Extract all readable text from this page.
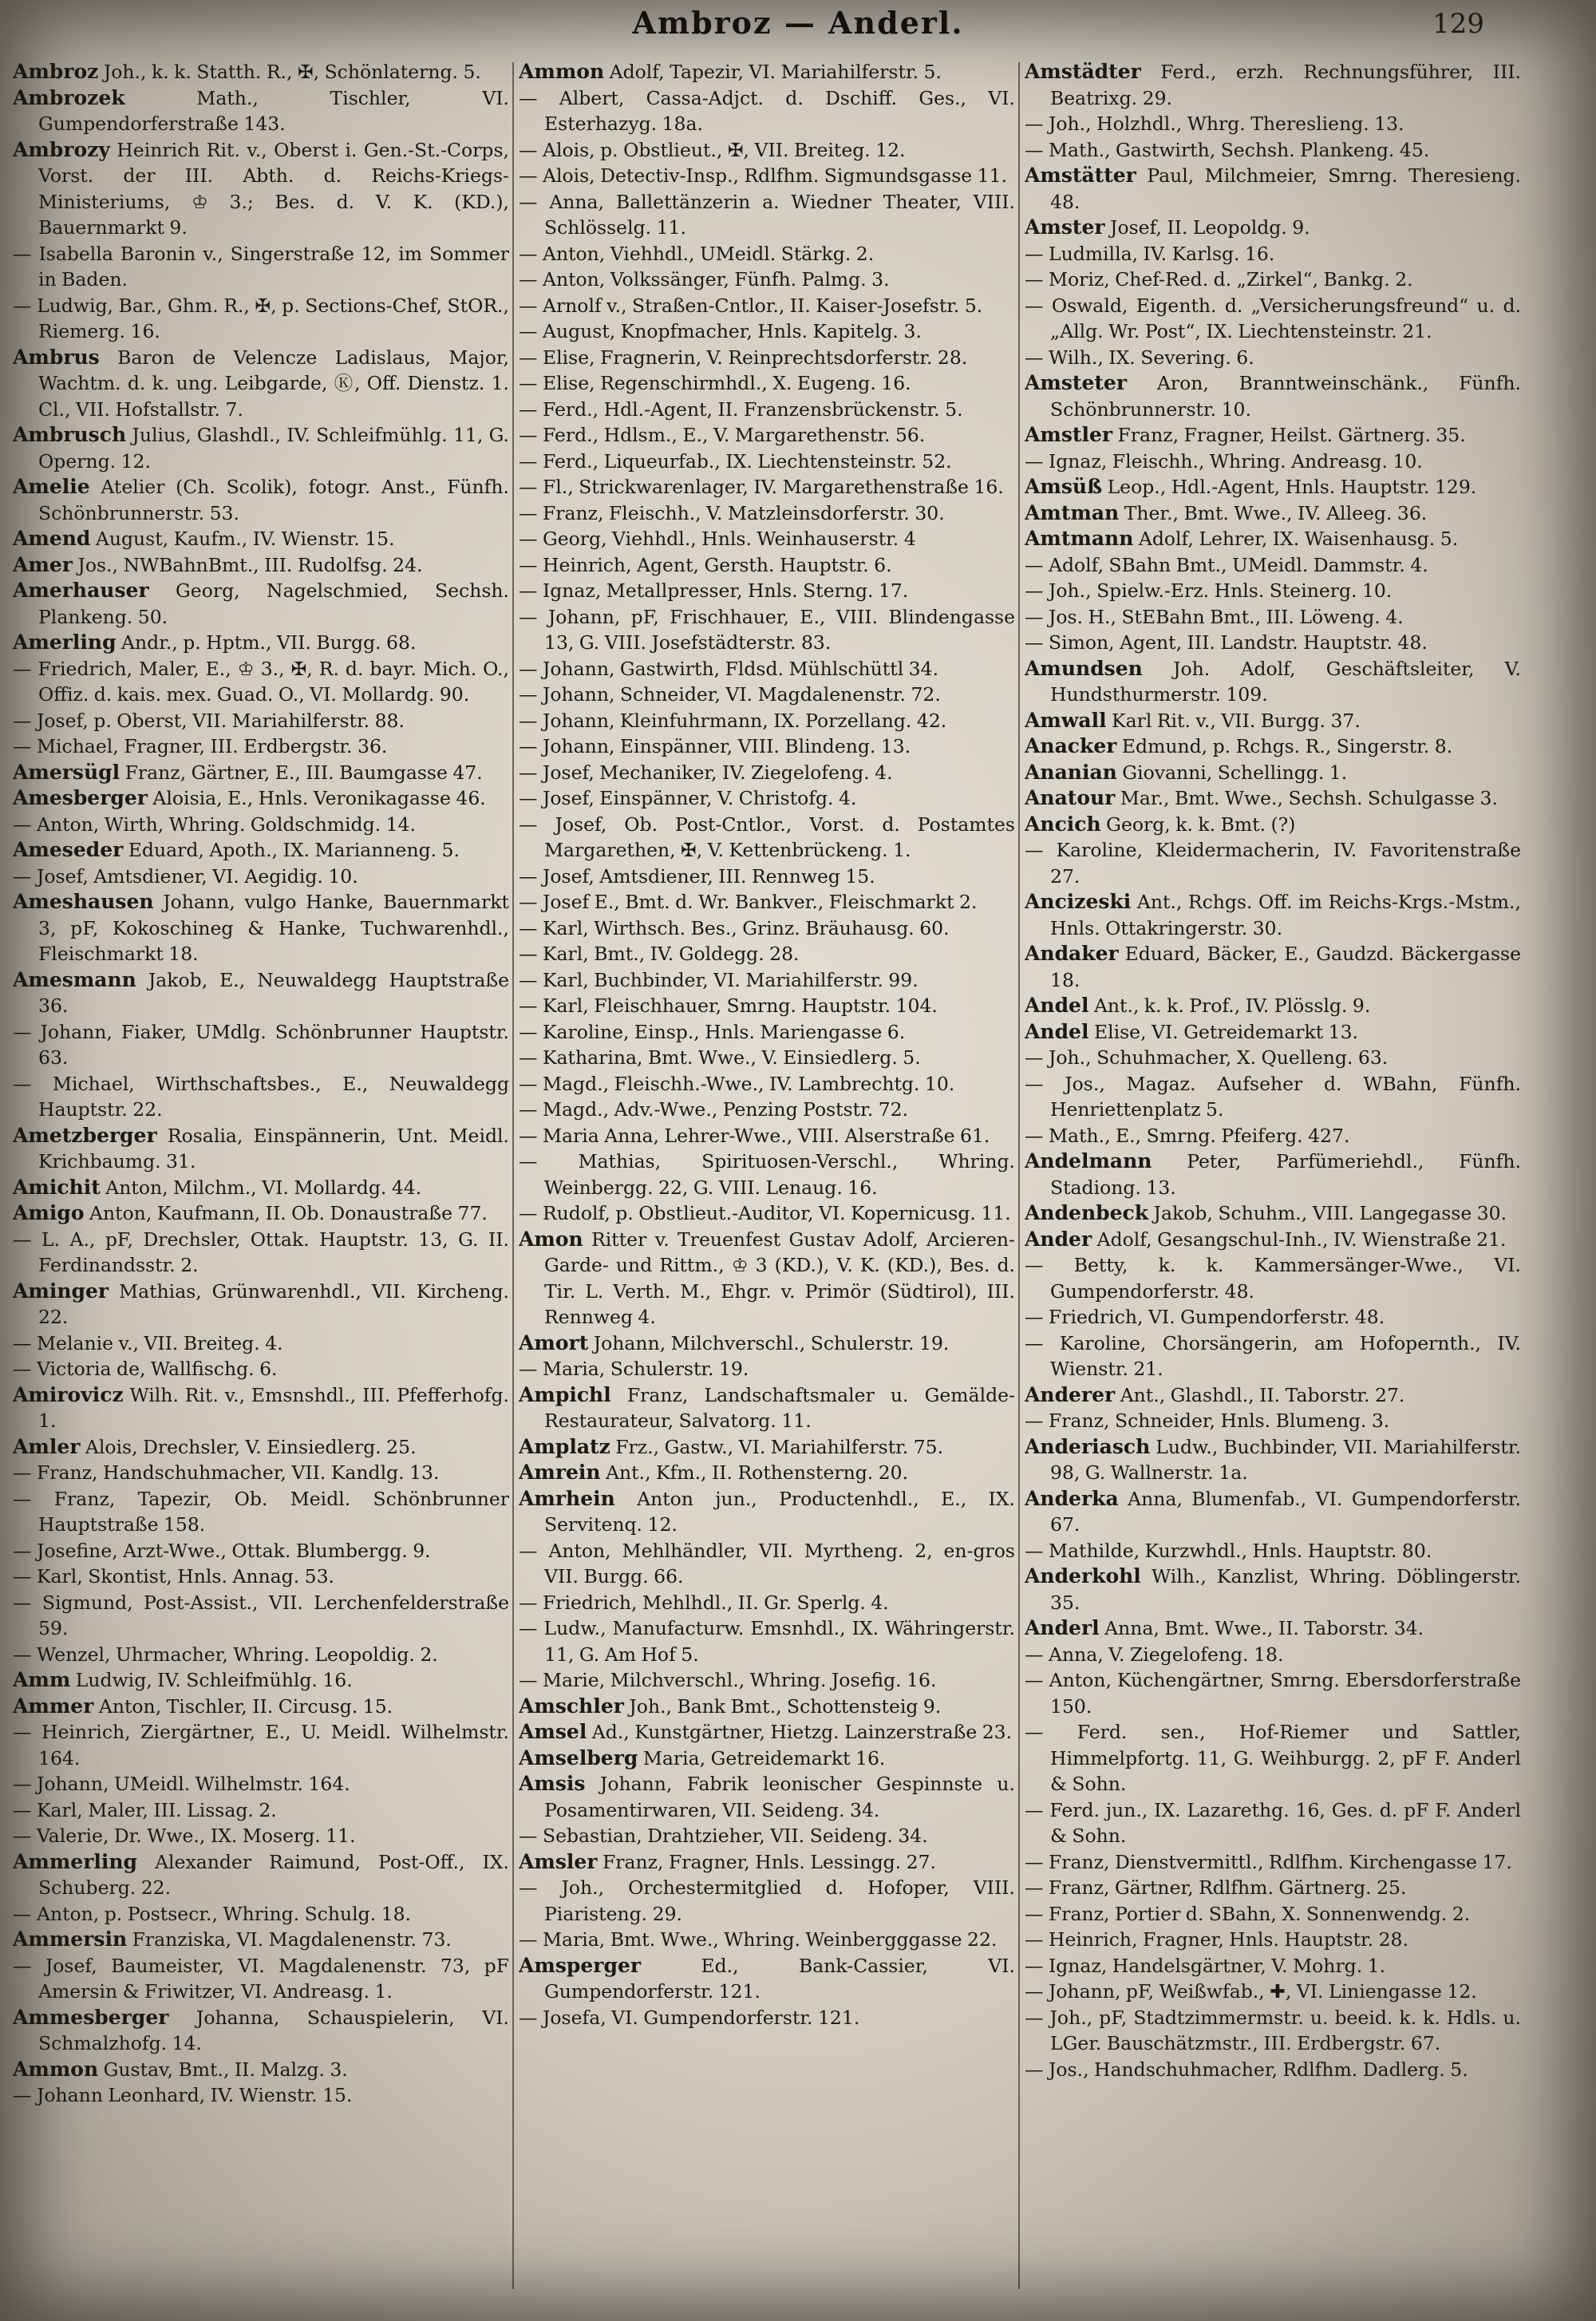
Ambroz — Anderl.	129

Ambroz Joh., k. k. Statth. R., ✠, Schönlaterng. 5.

Ambrozek Math., Tischler, VI. Gumpendorferstraße 143.

Ambrozy Heinrich Rit. v., Oberst i. Gen.-St.-Corps, Vorst. der III. Abth. d. Reichs-Kriegs-Ministeriums, ♔ 3.; Bes. d. V. K. (KD.), Bauernmarkt 9.

— Isabella Baronin v., Singerstraße 12, im Sommer in Baden.

— Ludwig, Bar., Ghm. R., ✠, p. Sections-Chef, StOR., Riemerg. 16.

Ambrus Baron de Velencze Ladislaus, Major, Wachtm. d. k. ung. Leibgarde, Ⓚ, Off. Dienstz. 1. Cl., VII. Hofstallstr. 7.

Ambrusch Julius, Glashdl., IV. Schleifmühlg. 11, G. Operng. 12.

Amelie Atelier (Ch. Scolik), fotogr. Anst., Fünfh. Schönbrunnerstr. 53.

Amend August, Kaufm., IV. Wienstr. 15.

Amer Jos., NWBahnBmt., III. Rudolfsg. 24.

Amerhauser Georg, Nagelschmied, Sechsh. Plankeng. 50.

Amerling Andr., p. Hptm., VII. Burgg. 68.

— Friedrich, Maler, E., ♔ 3., ✠, R. d. bayr. Mich. O., Offiz. d. kais. mex. Guad. O., VI. Mollardg. 90.

— Josef, p. Oberst, VII. Mariahilferstr. 88.

— Michael, Fragner, III. Erdbergstr. 36.

Amersügl Franz, Gärtner, E., III. Baumgasse 47.

Amesberger Aloisia, E., Hnls. Veronikagasse 46.

— Anton, Wirth, Whring. Goldschmidg. 14.

Ameseder Eduard, Apoth., IX. Marianneng. 5.

— Josef, Amtsdiener, VI. Aegidig. 10.

Ameshausen Johann, vulgo Hanke, Bauernmarkt 3, pF, Kokoschineg & Hanke, Tuchwarenhdl., Fleischmarkt 18.

Amesmann Jakob, E., Neuwaldegg Hauptstraße 36.

— Johann, Fiaker, UMdlg. Schönbrunner Hauptstr. 63.

— Michael, Wirthschaftsbes., E., Neuwaldegg Hauptstr. 22.

Ametzberger Rosalia, Einspännerin, Unt. Meidl. Krichbaumg. 31.

Amichit Anton, Milchm., VI. Mollardg. 44.

Amigo Anton, Kaufmann, II. Ob. Donaustraße 77.

— L. A., pF, Drechsler, Ottak. Hauptstr. 13, G. II. Ferdinandsstr. 2.

Aminger Mathias, Grünwarenhdl., VII. Kircheng. 22.

— Melanie v., VII. Breiteg. 4.

— Victoria de, Wallfischg. 6.

Amirovicz Wilh. Rit. v., Emsnshdl., III. Pfefferhofg. 1.

Amler Alois, Drechsler, V. Einsiedlerg. 25.

— Franz, Handschuhmacher, VII. Kandlg. 13.

— Franz, Tapezir, Ob. Meidl. Schönbrunner Hauptstraße 158.

— Josefine, Arzt-Wwe., Ottak. Blumbergg. 9.

— Karl, Skontist, Hnls. Annag. 53.

— Sigmund, Post-Assist., VII. Lerchenfelderstraße 59.

— Wenzel, Uhrmacher, Whring. Leopoldig. 2.

Amm Ludwig, IV. Schleifmühlg. 16.

Ammer Anton, Tischler, II. Circusg. 15.

— Heinrich, Ziergärtner, E., U. Meidl. Wilhelmstr. 164.

— Johann, UMeidl. Wilhelmstr. 164.

— Karl, Maler, III. Lissag. 2.

— Valerie, Dr. Wwe., IX. Moserg. 11.

Ammerling Alexander Raimund, Post-Off., IX. Schuberg. 22.

— Anton, p. Postsecr., Whring. Schulg. 18.

Ammersin Franziska, VI. Magdalenenstr. 73.

— Josef, Baumeister, VI. Magdalenenstr. 73, pF Amersin & Friwitzer, VI. Andreasg. 1.

Ammesberger Johanna, Schauspielerin, VI. Schmalzhofg. 14.

Ammon Gustav, Bmt., II. Malzg. 3.

— Johann Leonhard, IV. Wienstr. 15.

Ammon Adolf, Tapezir, VI. Mariahilferstr. 5.

— Albert, Cassa-Adjct. d. Dschiff. Ges., VI. Esterhazyg. 18a.

— Alois, p. Obstlieut., ✠, VII. Breiteg. 12.

— Alois, Detectiv-Insp., Rdlfhm. Sigmundsgasse 11.

— Anna, Ballettänzerin a. Wiedner Theater, VIII. Schlösselg. 11.

— Anton, Viehhdl., UMeidl. Stärkg. 2.

— Anton, Volkssänger, Fünfh. Palmg. 3.

— Arnolf v., Straßen-Cntlor., II. Kaiser-Josefstr. 5.

— August, Knopfmacher, Hnls. Kapitelg. 3.

— Elise, Fragnerin, V. Reinprechtsdorferstr. 28.

— Elise, Regenschirmhdl., X. Eugeng. 16.

— Ferd., Hdl.-Agent, II. Franzensbrückenstr. 5.

— Ferd., Hdlsm., E., V. Margarethenstr. 56.

— Ferd., Liqueurfab., IX. Liechtensteinstr. 52.

— Fl., Strickwarenlager, IV. Margarethenstraße 16.

— Franz, Fleischh., V. Matzleinsdorferstr. 30.

— Georg, Viehhdl., Hnls. Weinhauserstr. 4

— Heinrich, Agent, Gersth. Hauptstr. 6.

— Ignaz, Metallpresser, Hnls. Sterng. 17.

— Johann, pF, Frischhauer, E., VIII. Blindengasse 13, G. VIII. Josefstädterstr. 83.

— Johann, Gastwirth, Fldsd. Mühlschüttl 34.

— Johann, Schneider, VI. Magdalenenstr. 72.

— Johann, Kleinfuhrmann, IX. Porzellang. 42.

— Johann, Einspänner, VIII. Blindeng. 13.

— Josef, Mechaniker, IV. Ziegelofeng. 4.

— Josef, Einspänner, V. Christofg. 4.

— Josef, Ob. Post-Cntlor., Vorst. d. Postamtes Margarethen, ✠, V. Kettenbrückeng. 1.

— Josef, Amtsdiener, III. Rennweg 15.

— Josef E., Bmt. d. Wr. Bankver., Fleischmarkt 2.

— Karl, Wirthsch. Bes., Grinz. Bräuhausg. 60.

— Karl, Bmt., IV. Goldegg. 28.

— Karl, Buchbinder, VI. Mariahilferstr. 99.

— Karl, Fleischhauer, Smrng. Hauptstr. 104.

— Karoline, Einsp., Hnls. Mariengasse 6.

— Katharina, Bmt. Wwe., V. Einsiedlerg. 5.

— Magd., Fleischh.-Wwe., IV. Lambrechtg. 10.

— Magd., Adv.-Wwe., Penzing Poststr. 72.

— Maria Anna, Lehrer-Wwe., VIII. Alserstraße 61.

— Mathias, Spirituosen-Verschl., Whring. Weinbergg. 22, G. VIII. Lenaug. 16.

— Rudolf, p. Obstlieut.-Auditor, VI. Kopernicusg. 11.

Amon Ritter v. Treuenfest Gustav Adolf, Arcieren-Garde- und Rittm., ♔ 3 (KD.), V. K. (KD.), Bes. d. Tir. L. Verth. M., Ehgr. v. Primör (Südtirol), III. Rennweg 4.

Amort Johann, Milchverschl., Schulerstr. 19.

— Maria, Schulerstr. 19.

Ampichl Franz, Landschaftsmaler u. Gemälde-Restaurateur, Salvatorg. 11.

Amplatz Frz., Gastw., VI. Mariahilferstr. 75.

Amrein Ant., Kfm., II. Rothensterng. 20.

Amrhein Anton jun., Productenhdl., E., IX. Servitenq. 12.

— Anton, Mehlhändler, VII. Myrtheng. 2, en-gros VII. Burgg. 66.

— Friedrich, Mehlhdl., II. Gr. Sperlg. 4.

— Ludw., Manufacturw. Emsnhdl., IX. Währingerstr. 11, G. Am Hof 5.

— Marie, Milchverschl., Whring. Josefig. 16.

Amschler Joh., Bank Bmt., Schottensteig 9.

Amsel Ad., Kunstgärtner, Hietzg. Lainzerstraße 23.

Amselberg Maria, Getreidemarkt 16.

Amsis Johann, Fabrik leonischer Gespinnste u. Posamentirwaren, VII. Seideng. 34.

— Sebastian, Drahtzieher, VII. Seideng. 34.

Amsler Franz, Fragner, Hnls. Lessingg. 27.

— Joh., Orchestermitglied d. Hofoper, VIII. Piaristeng. 29.

— Maria, Bmt. Wwe., Whring. Weinbergggasse 22.

Amsperger Ed., Bank-Cassier, VI. Gumpendorferstr. 121.

— Josefa, VI. Gumpendorferstr. 121.

Amstädter Ferd., erzh. Rechnungsführer, III. Beatrixg. 29.

— Joh., Holzhdl., Whrg. Thereslieng. 13.

— Math., Gastwirth, Sechsh. Plankeng. 45.

Amstätter Paul, Milchmeier, Smrng. Theresieng. 48.

Amster Josef, II. Leopoldg. 9.

— Ludmilla, IV. Karlsg. 16.

— Moriz, Chef-Red. d. „Zirkel“, Bankg. 2.

— Oswald, Eigenth. d. „Versicherungsfreund“ u. d. „Allg. Wr. Post“, IX. Liechtensteinstr. 21.

— Wilh., IX. Severing. 6.

Amsteter Aron, Branntweinschänk., Fünfh. Schönbrunnerstr. 10.

Amstler Franz, Fragner, Heilst. Gärtnerg. 35.

— Ignaz, Fleischh., Whring. Andreasg. 10.

Amsüß Leop., Hdl.-Agent, Hnls. Hauptstr. 129.

Amtman Ther., Bmt. Wwe., IV. Alleeg. 36.

Amtmann Adolf, Lehrer, IX. Waisenhausg. 5.

— Adolf, SBahn Bmt., UMeidl. Dammstr. 4.

— Joh., Spielw.-Erz. Hnls. Steinerg. 10.

— Jos. H., StEBahn Bmt., III. Löweng. 4.

— Simon, Agent, III. Landstr. Hauptstr. 48.

Amundsen Joh. Adolf, Geschäftsleiter, V. Hundsthurmerstr. 109.

Amwall Karl Rit. v., VII. Burgg. 37.

Anacker Edmund, p. Rchgs. R., Singerstr. 8.

Ananian Giovanni, Schellingg. 1.

Anatour Mar., Bmt. Wwe., Sechsh. Schulgasse 3.

Ancich Georg, k. k. Bmt. (?)

— Karoline, Kleidermacherin, IV. Favoritenstraße 27.

Ancizeski Ant., Rchgs. Off. im Reichs-Krgs.-Mstm., Hnls. Ottakringerstr. 30.

Andaker Eduard, Bäcker, E., Gaudzd. Bäckergasse 18.

Andel Ant., k. k. Prof., IV. Plösslg. 9.

Andel Elise, VI. Getreidemarkt 13.

— Joh., Schuhmacher, X. Quelleng. 63.

— Jos., Magaz. Aufseher d. WBahn, Fünfh. Henriettenplatz 5.

— Math., E., Smrng. Pfeiferg. 427.

Andelmann Peter, Parfümeriehdl., Fünfh. Stadiong. 13.

Andenbeck Jakob, Schuhm., VIII. Langegasse 30.

Ander Adolf, Gesangschul-Inh., IV. Wienstraße 21.

— Betty, k. k. Kammersänger-Wwe., VI. Gumpendorferstr. 48.

— Friedrich, VI. Gumpendorferstr. 48.

— Karoline, Chorsängerin, am Hofopernth., IV. Wienstr. 21.

Anderer Ant., Glashdl., II. Taborstr. 27.

— Franz, Schneider, Hnls. Blumeng. 3.

Anderiasch Ludw., Buchbinder, VII. Mariahilferstr. 98, G. Wallnerstr. 1a.

Anderka Anna, Blumenfab., VI. Gumpendorferstr. 67.

— Mathilde, Kurzwhdl., Hnls. Hauptstr. 80.

Anderkohl Wilh., Kanzlist, Whring. Döblingerstr. 35.

Anderl Anna, Bmt. Wwe., II. Taborstr. 34.

— Anna, V. Ziegelofeng. 18.

— Anton, Küchengärtner, Smrng. Ebersdorferstraße 150.

— Ferd. sen., Hof-Riemer und Sattler, Himmelpfortg. 11, G. Weihburgg. 2, pF F. Anderl & Sohn.

— Ferd. jun., IX. Lazarethg. 16, Ges. d. pF F. Anderl & Sohn.

— Franz, Dienstvermittl., Rdlfhm. Kirchengasse 17.

— Franz, Gärtner, Rdlfhm. Gärtnerg. 25.

— Franz, Portier d. SBahn, X. Sonnenwendg. 2.

— Heinrich, Fragner, Hnls. Hauptstr. 28.

— Ignaz, Handelsgärtner, V. Mohrg. 1.

— Johann, pF, Weißwfab., ✚, VI. Liniengasse 12.

— Joh., pF, Stadtzimmermstr. u. beeid. k. k. Hdls. u. LGer. Bauschätzmstr., III. Erdbergstr. 67.

— Jos., Handschuhmacher, Rdlfhm. Dadlerg. 5.
